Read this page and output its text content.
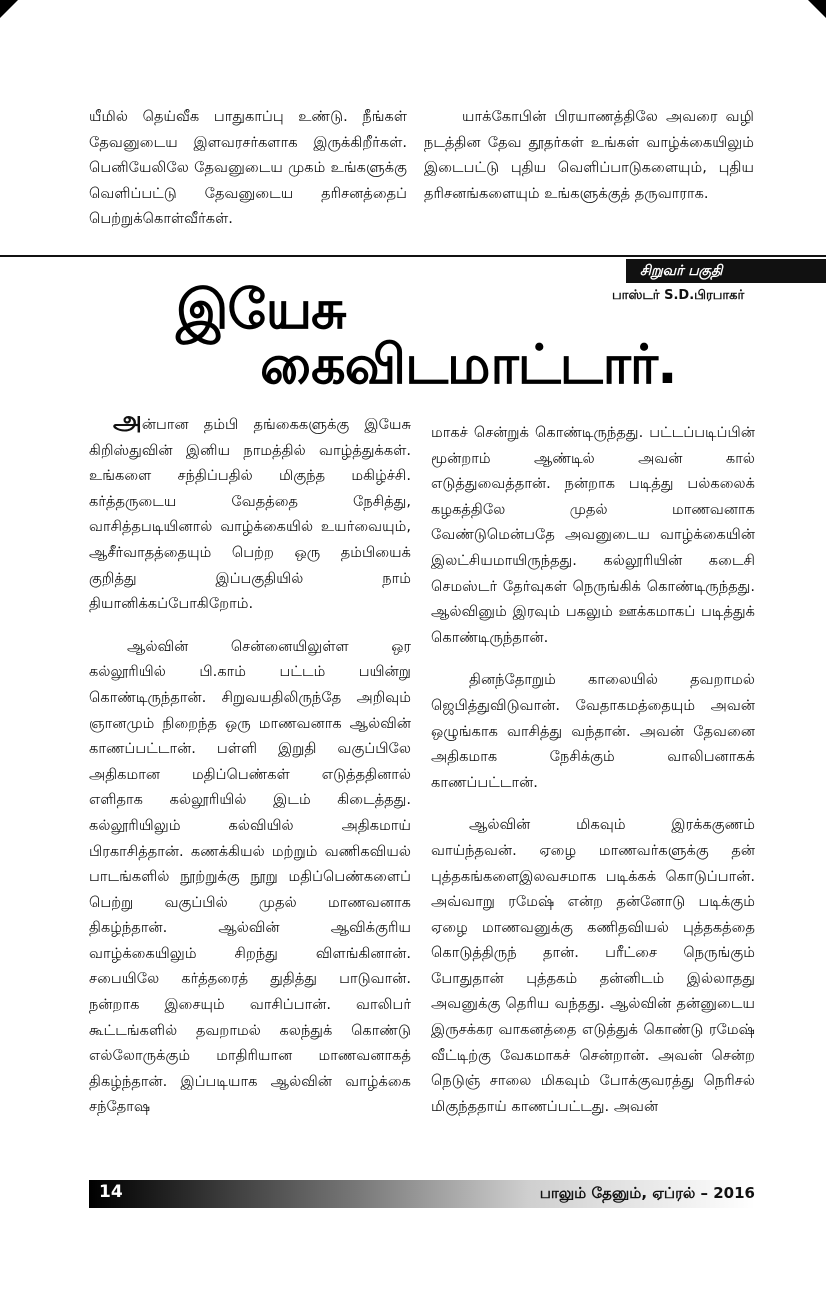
யீமில் தெய்வீக பாதுகாப்பு உண்டு. நீங்கள் தேவனுடைய இளவரசர்களாக இருக்கிறீர்கள். பெனியேலிலே தேவனுடைய முகம் உங்களுக்கு வெளிப்பட்டு தேவனுடைய தரிசனத்தைப் பெற்றுக்கொள்வீர்கள்.

யாக்கோபின் பிரயாணத்திலே அவரை வழி நடத்தின தேவ தூதர்கள் உங்கள் வாழ்க்கையிலும் இடைபட்டு புதிய வெளிப்பாடுகளையும், புதிய தரிசனங்களையும் உங்களுக்குத் தருவாராக.

சிறுவர் பகுதி
பாஸ்டர் S.D.பிரபாகர்
இயேசு
கைவிடமாட்டார்.

அன்பான தம்பி தங்கைகளுக்கு இயேசு கிறிஸ்துவின் இனிய நாமத்தில் வாழ்த்துக்கள். உங்களை சந்திப்பதில் மிகுந்த மகிழ்ச்சி. கர்த்தருடைய வேதத்தை நேசித்து, வாசித்தபடியினால் வாழ்க்கையில் உயர்வையும், ஆசீர்வாதத்தையும் பெற்ற ஒரு தம்பியைக் குறித்து இப்பகுதியில் நாம் தியானிக்கப்போகிறோம்.

ஆல்வின் சென்னையிலுள்ள ஒர கல்லூரியில் பி.காம் பட்டம் பயின்று கொண்டிருந்தான். சிறுவயதிலிருந்தே அறிவும் ஞானமும் நிறைந்த ஒரு மாணவனாக ஆல்வின் காணப்பட்டான். பள்ளி இறுதி வகுப்பிலே அதிகமான மதிப்பெண்கள் எடுத்ததினால் எளிதாக கல்லூரியில் இடம் கிடைத்தது. கல்லூரியிலும் கல்வியில் அதிகமாய் பிரகாசித்தான். கணக்கியல் மற்றும் வணிகவியல் பாடங்களில் நூற்றுக்கு நூறு மதிப்பெண்களைப் பெற்று வகுப்பில் முதல் மாணவனாக திகழ்ந்தான். ஆல்வின் ஆவிக்குரிய வாழ்க்கையிலும் சிறந்து விளங்கினான். சபையிலே கர்த்தரைத் துதித்து பாடுவான். நன்றாக இசையும் வாசிப்பான். வாலிபர் கூட்டங்களில் தவறாமல் கலந்துக் கொண்டு எல்லோருக்கும் மாதிரியான மாணவனாகத் திகழ்ந்தான். இப்படியாக ஆல்வின் வாழ்க்கை சந்தோஷ

மாகச் சென்றுக் கொண்டிருந்தது. பட்டப்படிப்பின் மூன்றாம் ஆண்டில் அவன் கால் எடுத்துவைத்தான். நன்றாக படித்து பல்கலைக் கழகத்திலே முதல் மாணவனாக வேண்டுமென்பதே அவனுடைய வாழ்க்கையின் இலட்சியமாயிருந்தது. கல்லூரியின் கடைசி செமஸ்டர் தேர்வுகள் நெருங்கிக் கொண்டிருந்தது. ஆல்வினும் இரவும் பகலும் ஊக்கமாகப் படித்துக் கொண்டிருந்தான்.

தினந்தோறும் காலையில் தவறாமல் ஜெபித்துவிடுவான். வேதாகமத்தையும் அவன் ஒழுங்காக வாசித்து வந்தான். அவன் தேவனை அதிகமாக நேசிக்கும் வாலிபனாகக் காணப்பட்டான்.

ஆல்வின் மிகவும் இரக்ககுணம் வாய்ந்தவன். ஏழை மாணவர்களுக்கு தன் புத்தகங்களைஇலவசமாக படிக்கக் கொடுப்பான். அவ்வாறு ரமேஷ் என்ற தன்னோடு படிக்கும் ஏழை மாணவனுக்கு கணிதவியல் புத்தகத்தை கொடுத்திருந் தான். பரீட்சை நெருங்கும் போதுதான் புத்தகம் தன்னிடம் இல்லாதது அவனுக்கு தெரிய வந்தது. ஆல்வின் தன்னுடைய இருசக்கர வாகனத்தை எடுத்துக் கொண்டு ரமேஷ் வீட்டிற்கு வேகமாகச் சென்றான். அவன் சென்ற நெடுஞ் சாலை மிகவும் போக்குவரத்து நெரிசல் மிகுந்ததாய் காணப்பட்டது. அவன்

14	பாலும் தேனும், ஏப்ரல் – 2016
